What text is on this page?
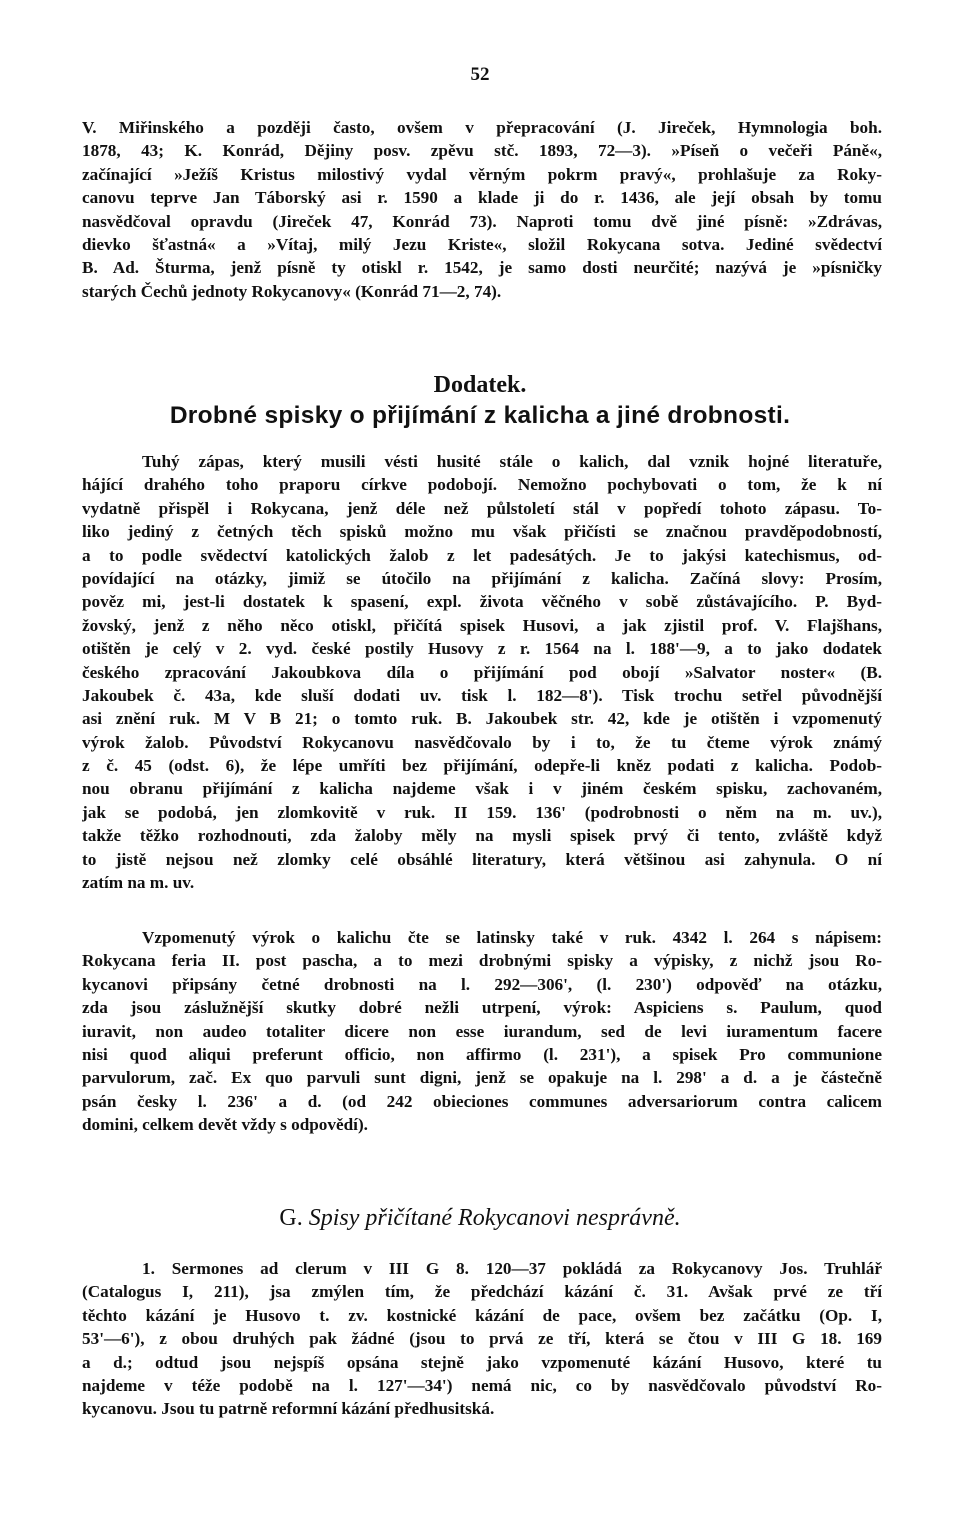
52
V. Miřinského a později často, ovšem v přepracování (J. Jireček, Hymnologia boh.
1878, 43; K. Konrád, Dějiny posv. zpěvu stč. 1893, 72—3). »Píseň o večeři Páně«,
začínající »Ježíš Kristus milostivý vydal věrným pokrm pravý«, prohlašuje za Roky-
canovu teprve Jan Táborský asi r. 1590 a klade ji do r. 1436, ale její obsah by tomu
nasvědčoval opravdu (Jireček 47, Konrád 73). Naproti tomu dvě jiné písně: »Zdrávas,
dievko šťastná« a »Vítaj, milý Jezu Kriste«, složil Rokycana sotva. Jediné svědectví
B. Ad. Šturma, jenž písně ty otiskl r. 1542, je samo dosti neurčité; nazývá je »písničky
starých Čechů jednoty Rokycanovy« (Konrád 71—2, 74).
Dodatek.
Drobné spisky o přijímání z kalicha a jiné drobnosti.
Tuhý zápas, který musili vésti husité stále o kalich, dal vznik hojné literatuře,
hájící drahého toho praporu církve podobojí. Nemožno pochybovati o tom, že k ní
vydatně přispěl i Rokycana, jenž déle než půlstoletí stál v popředí tohoto zápasu. To-
liko jediný z četných těch spisků možno mu však přičísti se značnou pravděpodobností,
a to podle svědectví katolických žalob z let padesátých. Je to jakýsi katechismus, od-
povídající na otázky, jimiž se útočilo na přijímání z kalicha. Začíná slovy: Prosím,
pověz mi, jest-li dostatek k spasení, expl. života věčného v sobě zůstávajícího. P. Byd-
žovský, jenž z něho něco otiskl, přičítá spisek Husovi, a jak zjistil prof. V. Flajšhans,
otištěn je celý v 2. vyd. české postily Husovy z r. 1564 na l. 188'—9, a to jako dodatek
českého zpracování Jakoubkova díla o přijímání pod obojí »Salvator noster« (B.
Jakoubek č. 43a, kde sluší dodati uv. tisk l. 182—8'). Tisk trochu setřel původnější
asi znění ruk. M V B 21; o tomto ruk. B. Jakoubek str. 42, kde je otištěn i vzpomenutý
výrok žalob. Původství Rokycanovu nasvědčovalo by i to, že tu čteme výrok známý
z č. 45 (odst. 6), že lépe umříti bez přijímání, odepře-li kněz podati z kalicha. Podob-
nou obranu přijímání z kalicha najdeme však i v jiném českém spisku, zachovaném,
jak se podobá, jen zlomkovitě v ruk. II 159. 136' (podrobnosti o něm na m. uv.),
takže těžko rozhodnouti, zda žaloby měly na mysli spisek prvý či tento, zvláště když
to jistě nejsou než zlomky celé obsáhlé literatury, která většinou asi zahynula. O ní
zatím na m. uv.
Vzpomenutý výrok o kalichu čte se latinsky také v ruk. 4342 l. 264 s nápisem:
Rokycana feria II. post pascha, a to mezi drobnými spisky a výpisky, z nichž jsou Ro-
kycanovi připsány četné drobnosti na l. 292—306', (l. 230') odpověď na otázku,
zda jsou záslužnější skutky dobré nežli utrpení, výrok: Aspiciens s. Paulum, quod
iuravit, non audeo totaliter dicere non esse iurandum, sed de levi iuramentum facere
nisi quod aliqui preferunt officio, non affirmo (l. 231'), a spisek Pro communione
parvulorum, zač. Ex quo parvuli sunt digni, jenž se opakuje na l. 298' a d. a je částečně
psán česky l. 236' a d. (od 242 obieciones communes adversariorum contra calicem
domini, celkem devět vždy s odpovědí).
G. Spisy přičítané Rokycanovi nesprávně.
1. Sermones ad clerum v III G 8. 120—37 pokládá za Rokycanovy Jos. Truhlář
(Catalogus I, 211), jsa zmýlen tím, že předchází kázání č. 31. Avšak prvé ze tří
těchto kázání je Husovo t. zv. kostnické kázání de pace, ovšem bez začátku (Op. I,
53'—6'), z obou druhých pak žádné (jsou to prvá ze tří, která se čtou v III G 18. 169
a d.; odtud jsou nejspíš opsána stejně jako vzpomenuté kázání Husovo, které tu
najdeme v téže podobě na l. 127'—34') nemá nic, co by nasvědčovalo původství Ro-
kycanovu. Jsou tu patrně reformní kázání předhusitská.
